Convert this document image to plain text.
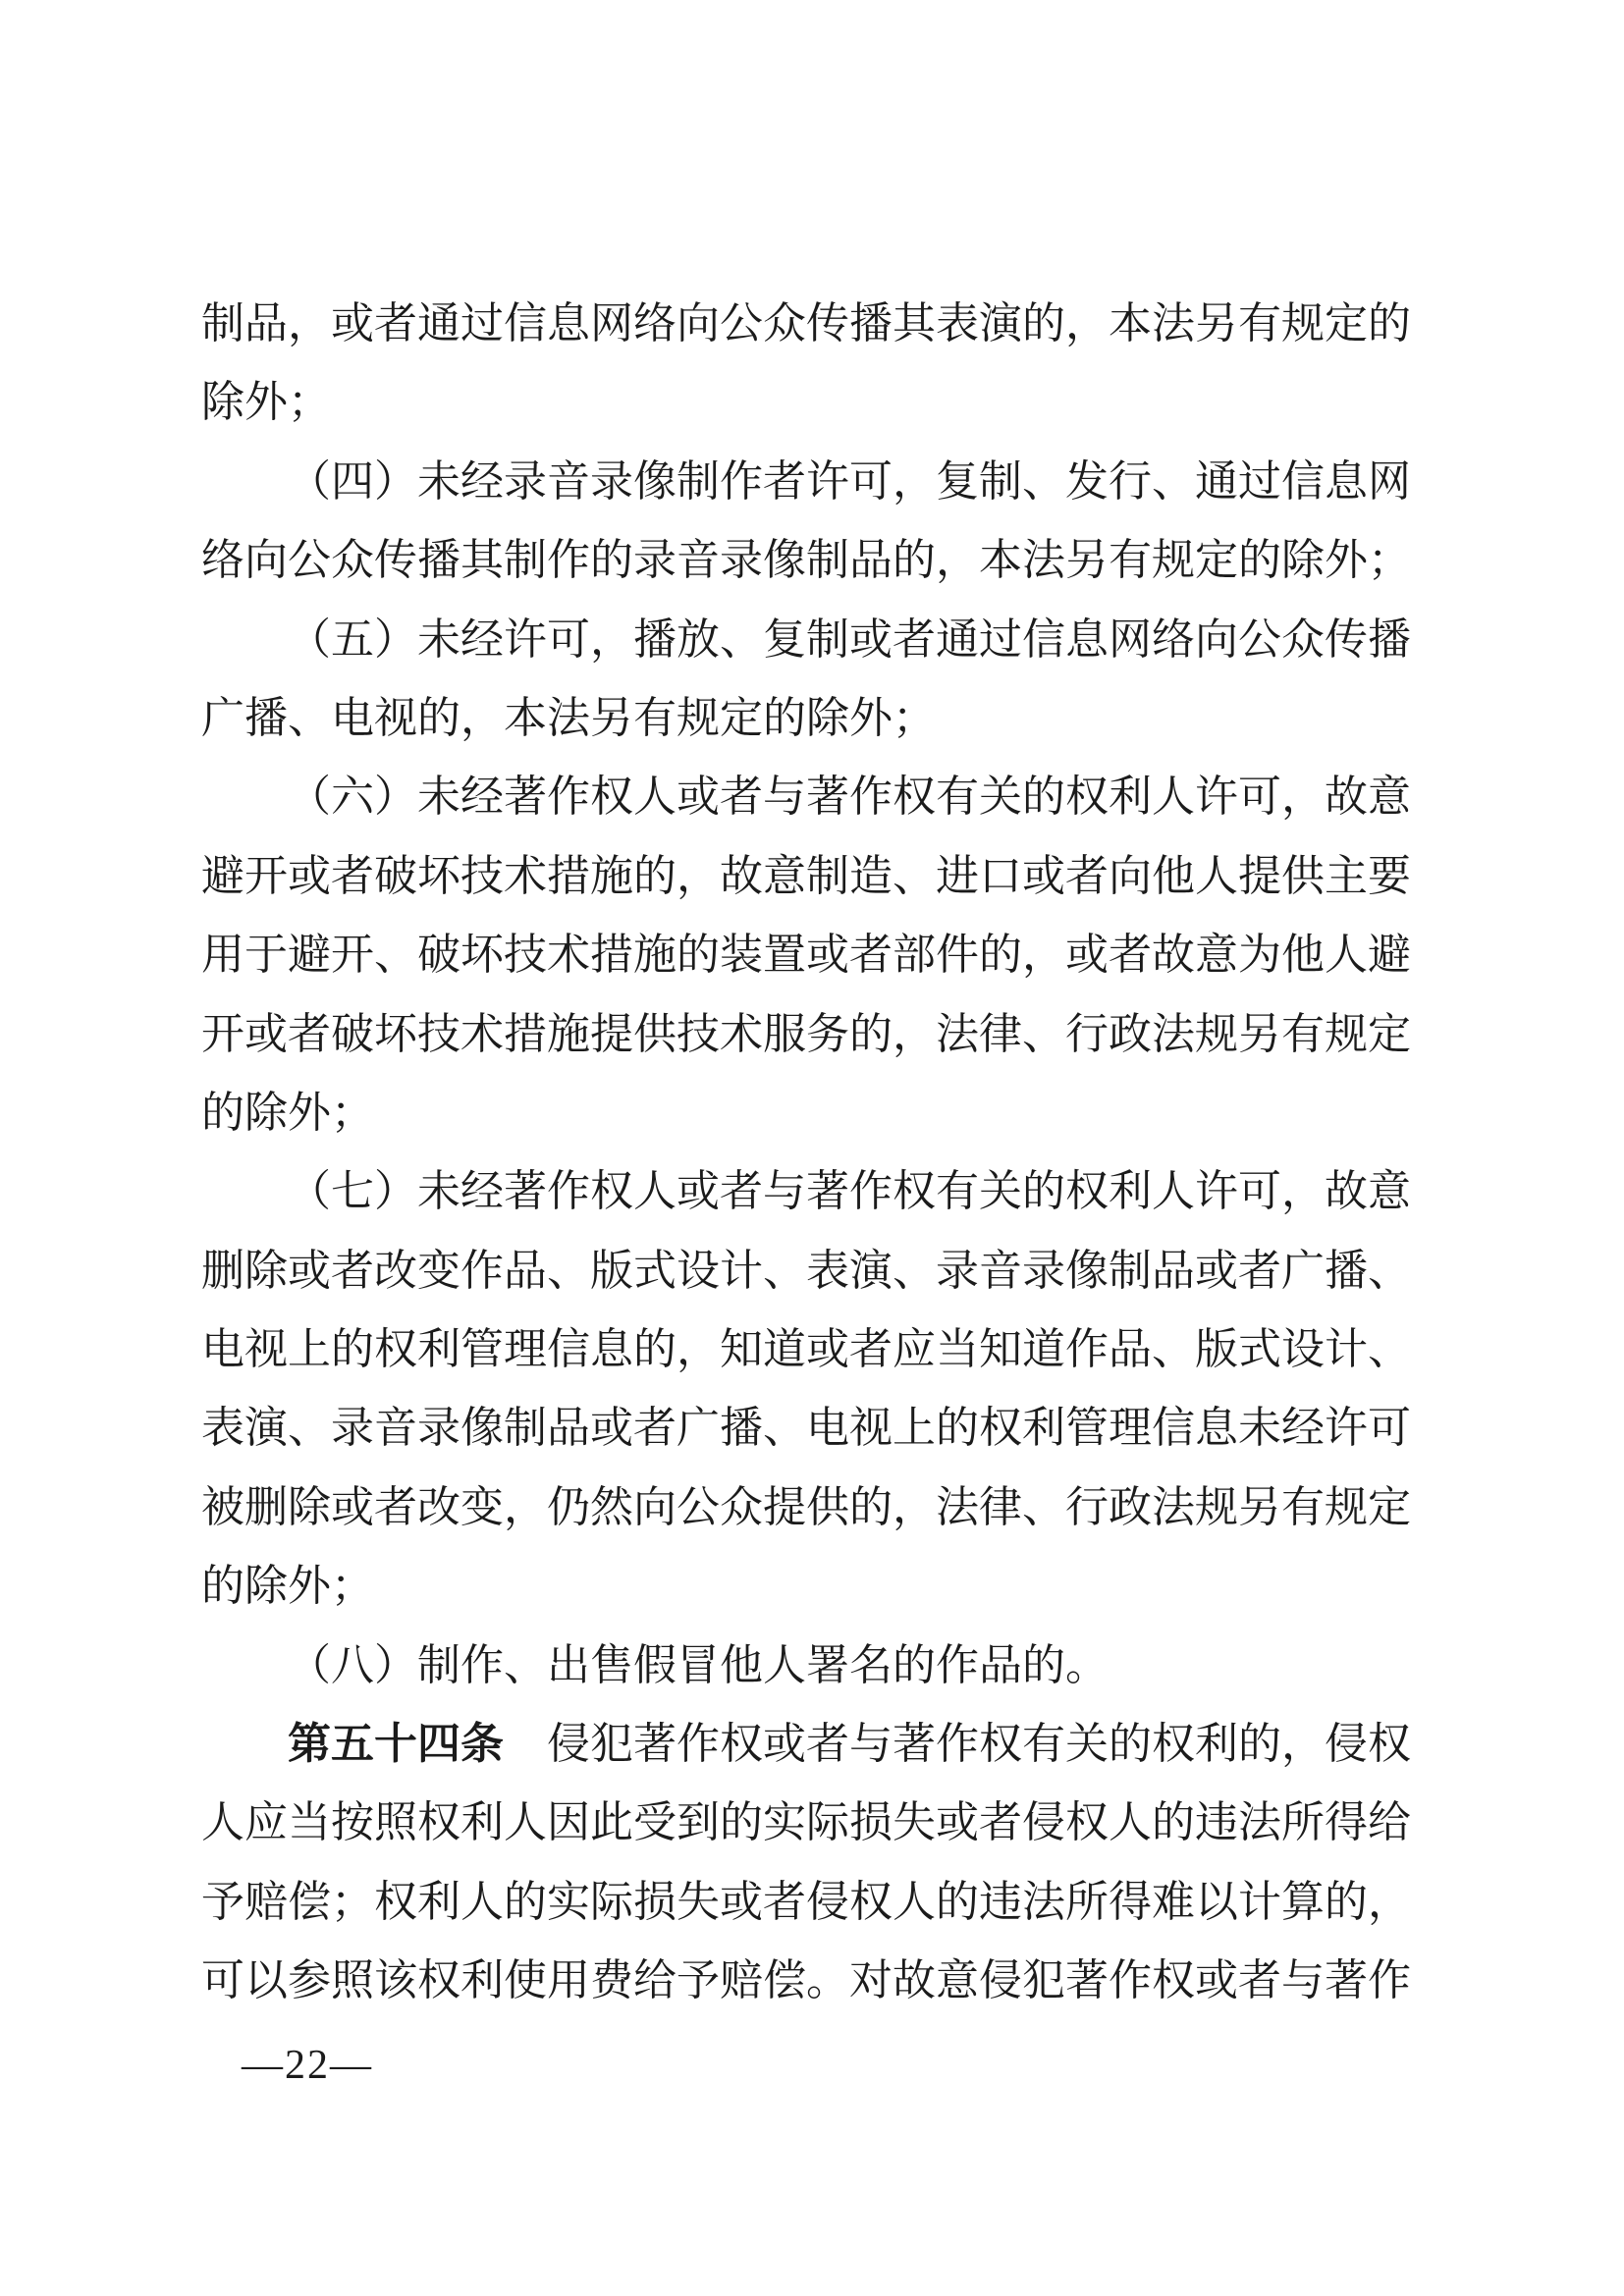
制品，或者通过信息网络向公众传播其表演的，本法另有规定的
除外；
（四）未经录音录像制作者许可，复制、发行、通过信息网
络向公众传播其制作的录音录像制品的，本法另有规定的除外；
（五）未经许可，播放、复制或者通过信息网络向公众传播
广播、电视的，本法另有规定的除外；
（六）未经著作权人或者与著作权有关的权利人许可，故意
避开或者破坏技术措施的，故意制造、进口或者向他人提供主要
用于避开、破坏技术措施的装置或者部件的，或者故意为他人避
开或者破坏技术措施提供技术服务的，法律、行政法规另有规定
的除外；
（七）未经著作权人或者与著作权有关的权利人许可，故意
删除或者改变作品、版式设计、表演、录音录像制品或者广播、
电视上的权利管理信息的，知道或者应当知道作品、版式设计、
表演、录音录像制品或者广播、电视上的权利管理信息未经许可
被删除或者改变，仍然向公众提供的，法律、行政法规另有规定
的除外；
（八）制作、出售假冒他人署名的作品的。
第五十四条　侵犯著作权或者与著作权有关的权利的，侵权
人应当按照权利人因此受到的实际损失或者侵权人的违法所得给
予赔偿；权利人的实际损失或者侵权人的违法所得难以计算的，
可以参照该权利使用费给予赔偿。对故意侵犯著作权或者与著作
—22—
